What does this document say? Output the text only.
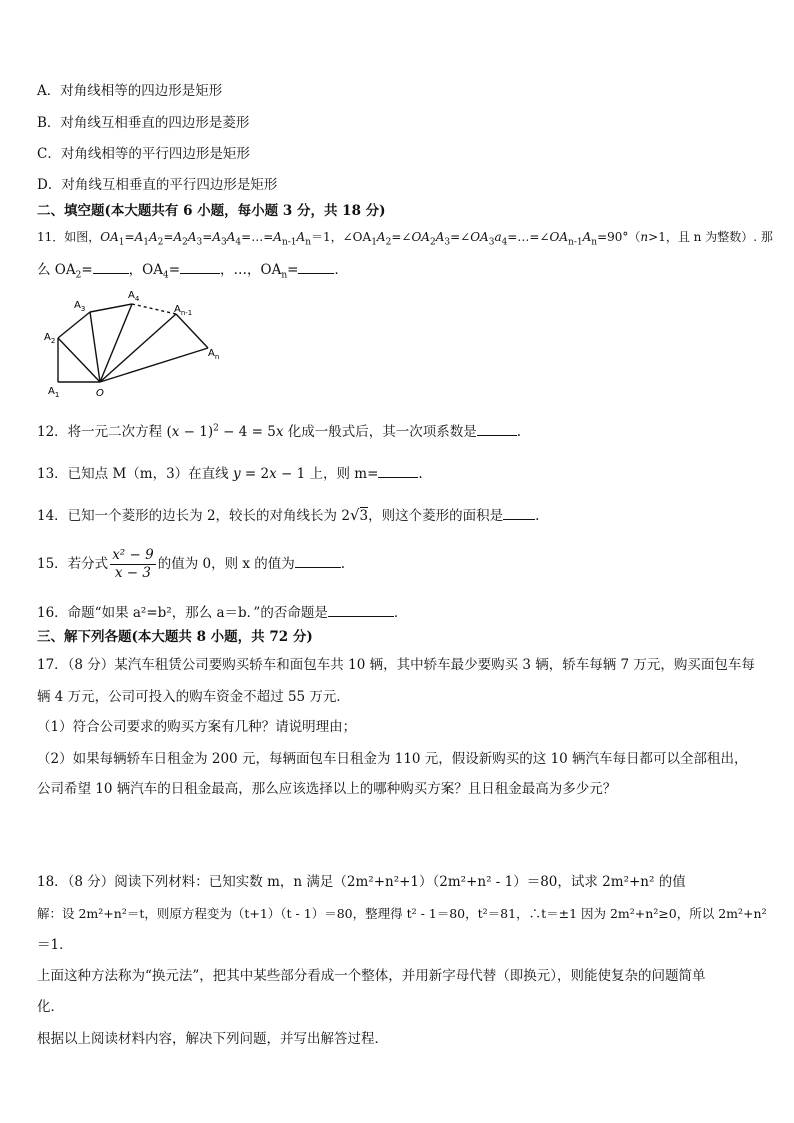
A．对角线相等的四边形是矩形
B．对角线互相垂直的四边形是菱形
C．对角线相等的平行四边形是矩形
D．对角线互相垂直的平行四边形是矩形
二、填空题(本大题共有 6 小题，每小题 3 分，共 18 分)
11．如图，$OA_1=A_1A_2=A_2A_3=A_3A_4=\dots=A_{n-1}A_n=1$，$\angle OA_1A_2=\angle OA_2A_3=\angle OA_3a_4=\dots=\angle OA_{n-1}A_n=90^\circ(n>1$，且 n 为整数）. 那
么 $OA_2=$	，$OA_4=$	，…，$OA_n=$	．
$A_1$
$A_2$
$A_3$
$A_4$
$A_{n-1}$
$A_n$
O
12．将一元二次方程 $(x - 1)^2 - 4 = 5x$ 化成一般式后，其一次项系数是	.
13．已知点 M（m，3）在直线 y = 2x − 1 上，则 m=	.
14．已知一个菱形的边长为 2，较长的对角线长为 2√3，则这个菱形的面积是 .
15．若分式 $\frac{\text{x² − 9}}{x - 3}$ 的值为 0，则 x 的值为	.
16．命题“如果 a²=b²，那么 a＝b．”的否命题是	．
三、解下列各题(本大题共 8 小题，共 72 分)
17．（8 分）某汽车租赁公司要购买轿车和面包车共 10 辆，其中轿车最少要购买 3 辆，轿车每辆 7 万元，购买面包车每
辆 4 万元，公司可投入的购车资金不超过 55 万元．
（1）符合公司要求的购买方案有几种？请说明理由；
（2）如果每辆轿车日租金为 200 元，每辆面包车日租金为 110 元，假设新购买的这 10 辆汽车每日都可以全部租出，
公司希望 10 辆汽车的日租金最高，那么应该选择以上的哪种购买方案？且日租金最高为多少元？
18．（8 分）阅读下列材料：已知实数 m，n 满足（2m²+n²+1）（2m²+n² - 1）＝80，试求 2m²+n² 的值
解：设 2m²+n²＝t，则原方程变为（t+1）（t - 1）＝80，整理得 t² - 1＝80，t²＝81，∴t＝±1 因为 2m²+n²≥0，所以 2m²+n²
＝1．
上面这种方法称为“换元法”，把其中某些部分看成一个整体，并用新字母代替（即换元），则能使复杂的问题简单
化．
根据以上阅读材料内容，解决下列问题，并写出解答过程．
